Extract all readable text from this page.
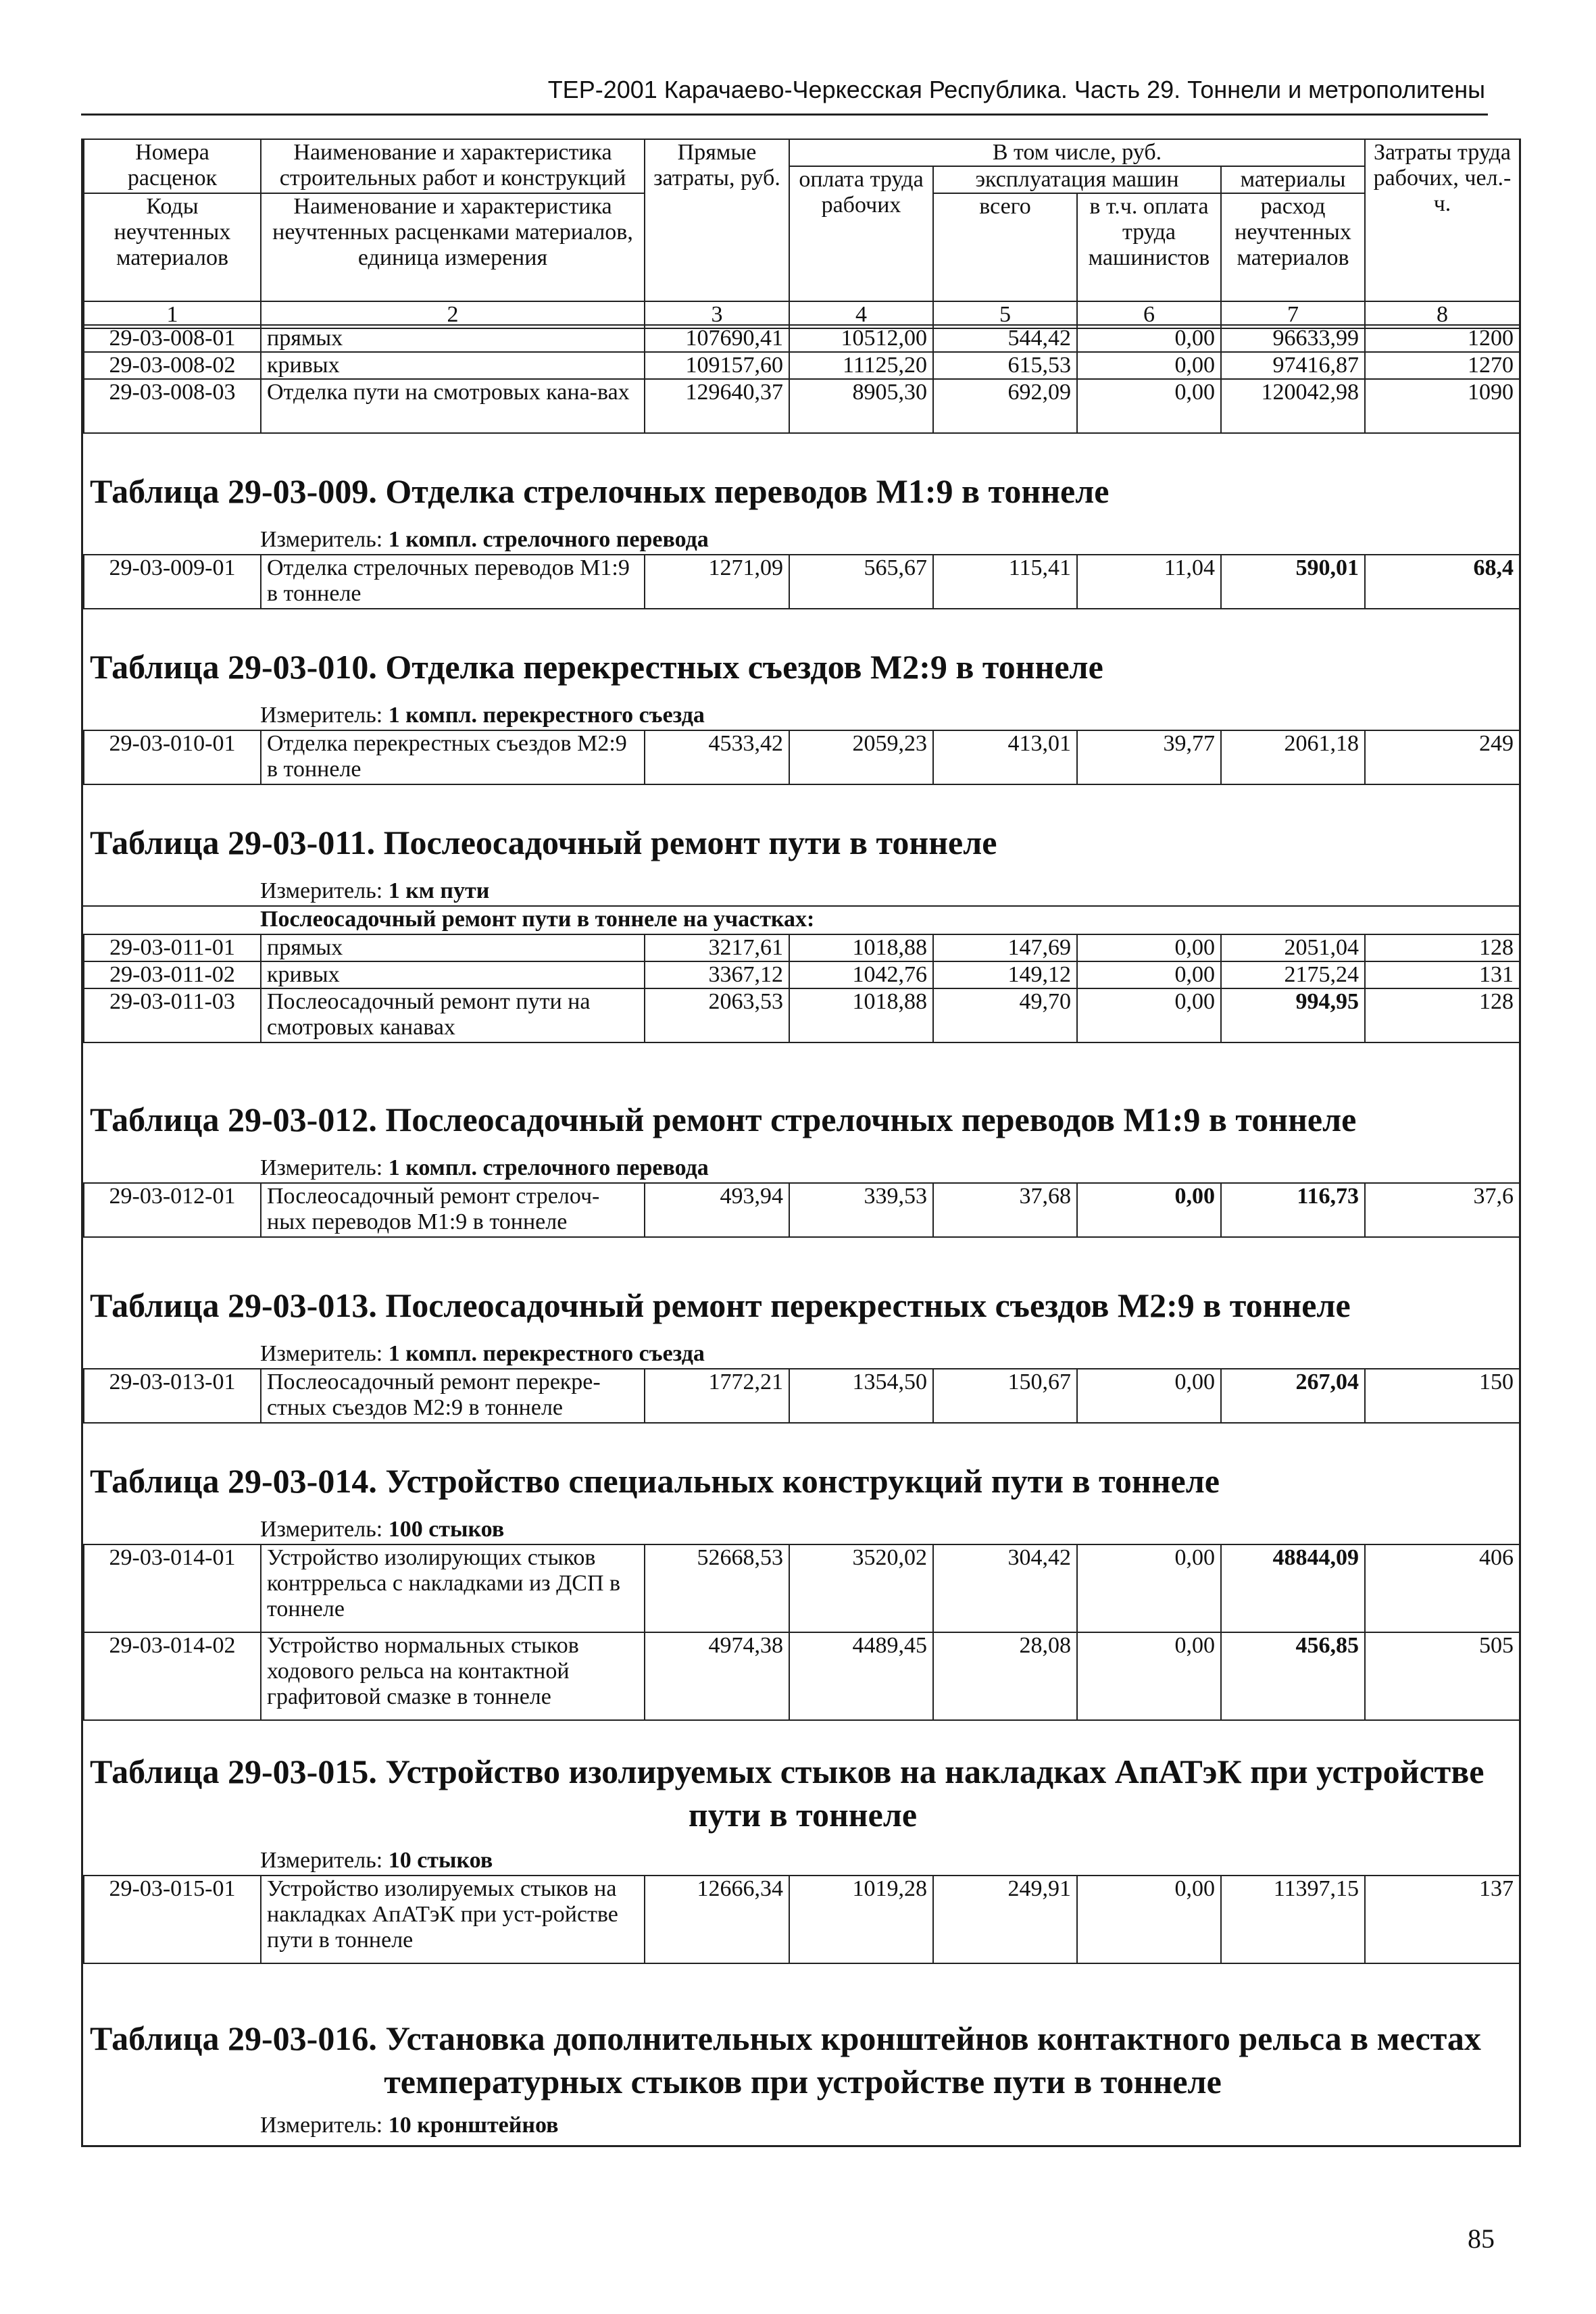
ТЕР-2001 Карачаево-Черкесская Республика. Часть 29. Тоннели и метрополитены
Номера расценок	Наименование и характеристика строительных работ и конструкций	Прямые затраты, руб.	В том числе, руб.				Затраты труда рабочих, чел.-ч.
			оплата труда рабочих	эксплуатация машин		материалы	
Коды неучтенных материалов	Наименование и характеристика неучтенных расценками материалов, единица измерения			всего	в т.ч. оплата труда машинистов	расход неучтенных материалов	

1	2	3	4	5	6	7	8
29-03-008-01	прямых	107690,41	10512,00	544,42	0,00	96633,99	1200
29-03-008-02	кривых	109157,60	11125,20	615,53	0,00	97416,87	1270
29-03-008-03	Отделка пути на смотровых кана-вах	129640,37	8905,30	692,09	0,00	120042,98	1090
Таблица 29-03-009. Отделка стрелочных переводов М1:9 в тоннеле
Измеритель: 1 компл. стрелочного перевода
29-03-009-01	Отделка стрелочных переводов М1:9 в тоннеле	1271,09	565,67	115,41	11,04	590,01	68,4
Таблица 29-03-010. Отделка перекрестных съездов М2:9 в тоннеле
Измеритель: 1 компл. перекрестного съезда
29-03-010-01	Отделка перекрестных съездов М2:9 в тоннеле	4533,42	2059,23	413,01	39,77	2061,18	249
Таблица 29-03-011. Послеосадочный ремонт пути в тоннеле
Измеритель: 1 км пути
Послеосадочный ремонт пути в тоннеле на участках:
29-03-011-01	прямых	3217,61	1018,88	147,69	0,00	2051,04	128
29-03-011-02	кривых	3367,12	1042,76	149,12	0,00	2175,24	131
29-03-011-03	Послеосадочный ремонт пути на смотровых канавах	2063,53	1018,88	49,70	0,00	994,95	128
Таблица 29-03-012. Послеосадочный ремонт стрелочных переводов М1:9 в тоннеле
Измеритель: 1 компл. стрелочного перевода
29-03-012-01	Послеосадочный ремонт стрелоч-ных переводов М1:9 в тоннеле	493,94	339,53	37,68	0,00	116,73	37,6
Таблица 29-03-013. Послеосадочный ремонт перекрестных съездов М2:9 в тоннеле
Измеритель: 1 компл. перекрестного съезда
29-03-013-01	Послеосадочный ремонт перекре-стных съездов М2:9 в тоннеле	1772,21	1354,50	150,67	0,00	267,04	150
Таблица 29-03-014. Устройство специальных конструкций пути в тоннеле
Измеритель: 100 стыков
29-03-014-01	Устройство изолирующих стыков контррельса с накладками из ДСП в тоннеле	52668,53	3520,02	304,42	0,00	48844,09	406
29-03-014-02	Устройство нормальных стыков ходового рельса на контактной графитовой смазке в тоннеле	4974,38	4489,45	28,08	0,00	456,85	505
Таблица 29-03-015. Устройство изолируемых стыков на накладках АпАТэК при устройстве
пути в тоннеле
Измеритель: 10 стыков
29-03-015-01	Устройство изолируемых стыков на накладках АпАТэК при уст-ройстве пути в тоннеле	12666,34	1019,28	249,91	0,00	11397,15	137
Таблица 29-03-016. Установка дополнительных кронштейнов контактного рельса в местах
температурных стыков при устройстве пути в тоннеле
Измеритель: 10 кронштейнов
85
